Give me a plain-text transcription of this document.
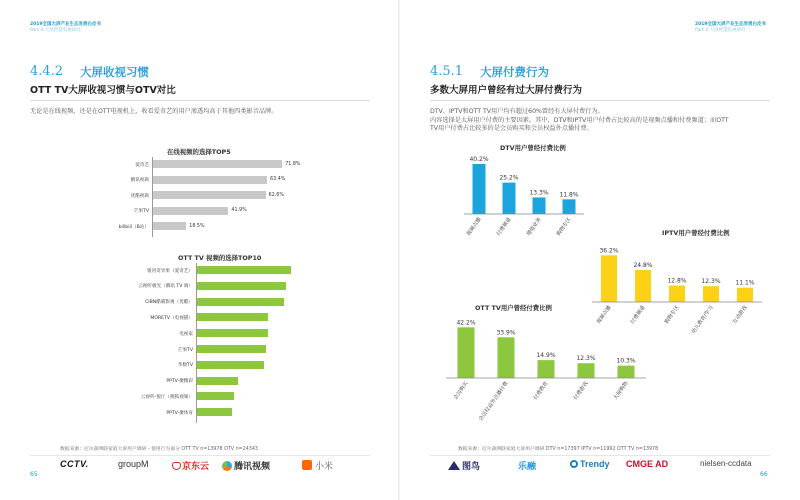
2019全国大屏产业生态发展白皮书
Part 4 大屏智慧电视研究
4.4.2 大屏收视习惯
OTT TV大屏收视习惯与OTV对比
无论是在线视频，还是在OTT电视机上，收看爱奇艺的用户渗透均高于其他四类影音品牌。
在线视频的选择TOP5
爱奇艺	71.8%
腾讯视频	63.4%
优酷视频	62.6%
芒果TV	41.9%
bilibili（B站）	18.5%
OTT TV 视频的选择TOP10
银河奇异果（爱奇艺）
云视听极光（腾讯 TV 端）
CIBN酷喵影视（优酷）
MORETV（电视猫）
电视家
芒果TV
华数TV
PPTV-聚精彩
云视听-悦厅（搜狐视频）
PPTV-聚体育
数据来源：尼尔森网联家庭大屏用户调研 - 使用行为部分 OTT TV n=13978 OTV n=24343
65
CCTV.	groupM	京东云	腾讯视频	小米
2019全国大屏产业生态发展白皮书
Part 4 大屏智慧电视研究
4.5.1 大屏付费行为
多数大屏用户曾经有过大屏付费行为
DTV、IPTV和OTT TV用户均有超过60%曾经有大屏付费行为。
内容选择是大屏用户付费的主要因素。其中，DTV和IPTV用户付费占比较高的是视频点播和付费频道；而OTT
TV用户付费占比较多的是会员购买和会员权益外点播付费。
DTV用户曾经付费比例
40.2%
视频点播
25.2%
付费频道
13.3%
增值业务
11.8%
购物专区	IPTV用户曾经付费比例
36.2%
视频点播
24.8%
付费频道
12.8%
购物专区
12.3%
幼儿教育/学习
11.1%
互动游戏
OTT TV用户曾经付费比例
42.2%
会员购买
33.9%
会员权益外点播付费
14.9%
付费教育
12.3%
付费游戏
10.3%
大屏购物
数据来源：尼尔森网联家庭大屏用户调研 DTV n=17397 IPTV n=11992 OTT TV n=13978
66
图鸟	乐融	Trendy CMGE AD	nielsen-ccdata
